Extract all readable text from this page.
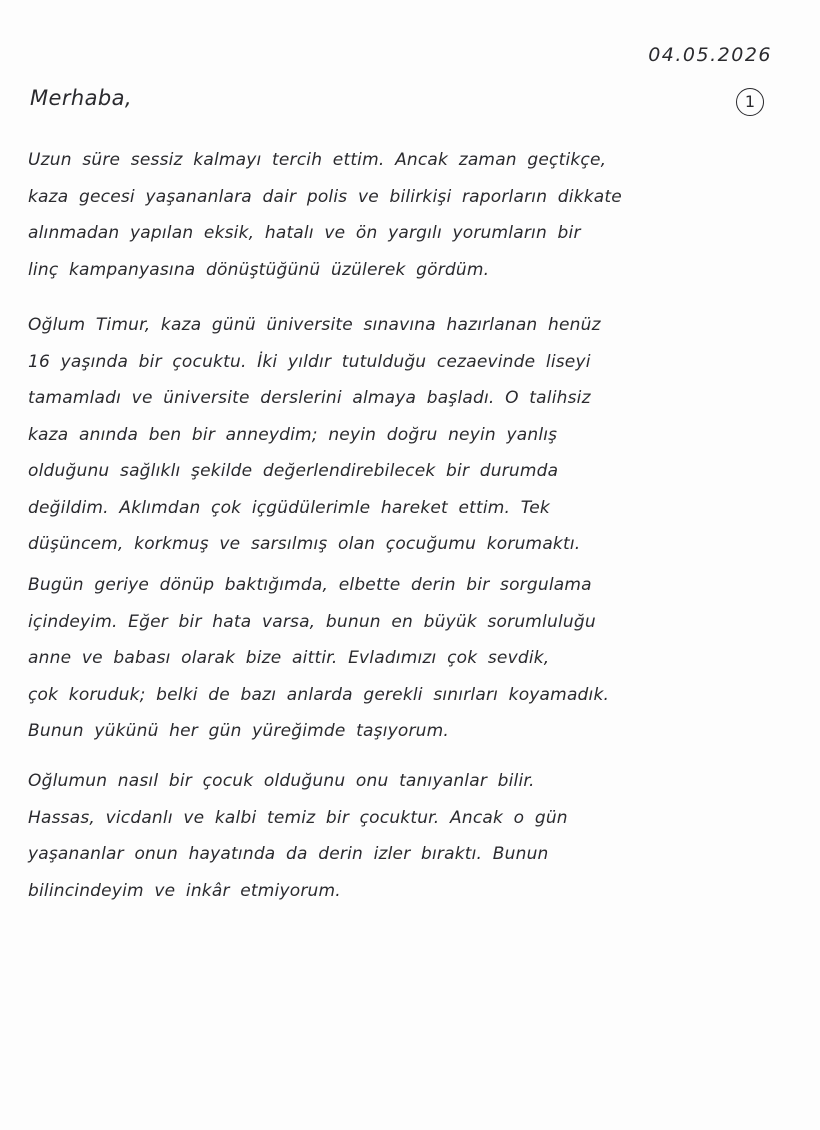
04.05.2026
Merhaba,	1
Uzun süre sessiz kalmayı tercih ettim. Ancak zaman geçtikçe,
kaza gecesi yaşananlara dair polis ve bilirkişi raporların dikkate
alınmadan yapılan eksik, hatalı ve ön yargılı yorumların bir
linç kampanyasına dönüştüğünü üzülerek gördüm.
Oğlum Timur, kaza günü üniversite sınavına hazırlanan henüz
16 yaşında bir çocuktu. İki yıldır tutulduğu cezaevinde liseyi
tamamladı ve üniversite derslerini almaya başladı. O talihsiz
kaza anında ben bir anneydim; neyin doğru neyin yanlış
olduğunu sağlıklı şekilde değerlendirebilecek bir durumda
değildim. Aklımdan çok içgüdülerimle hareket ettim. Tek
düşüncem, korkmuş ve sarsılmış olan çocuğumu korumaktı.
Bugün geriye dönüp baktığımda, elbette derin bir sorgulama
içindeyim. Eğer bir hata varsa, bunun en büyük sorumluluğu
anne ve babası olarak bize aittir. Evladımızı çok sevdik,
çok koruduk; belki de bazı anlarda gerekli sınırları koyamadık.
Bunun yükünü her gün yüreğimde taşıyorum.
Oğlumun nasıl bir çocuk olduğunu onu tanıyanlar bilir.
Hassas, vicdanlı ve kalbi temiz bir çocuktur. Ancak o gün
yaşananlar onun hayatında da derin izler bıraktı. Bunun
bilincindeyim ve inkâr etmiyorum.
